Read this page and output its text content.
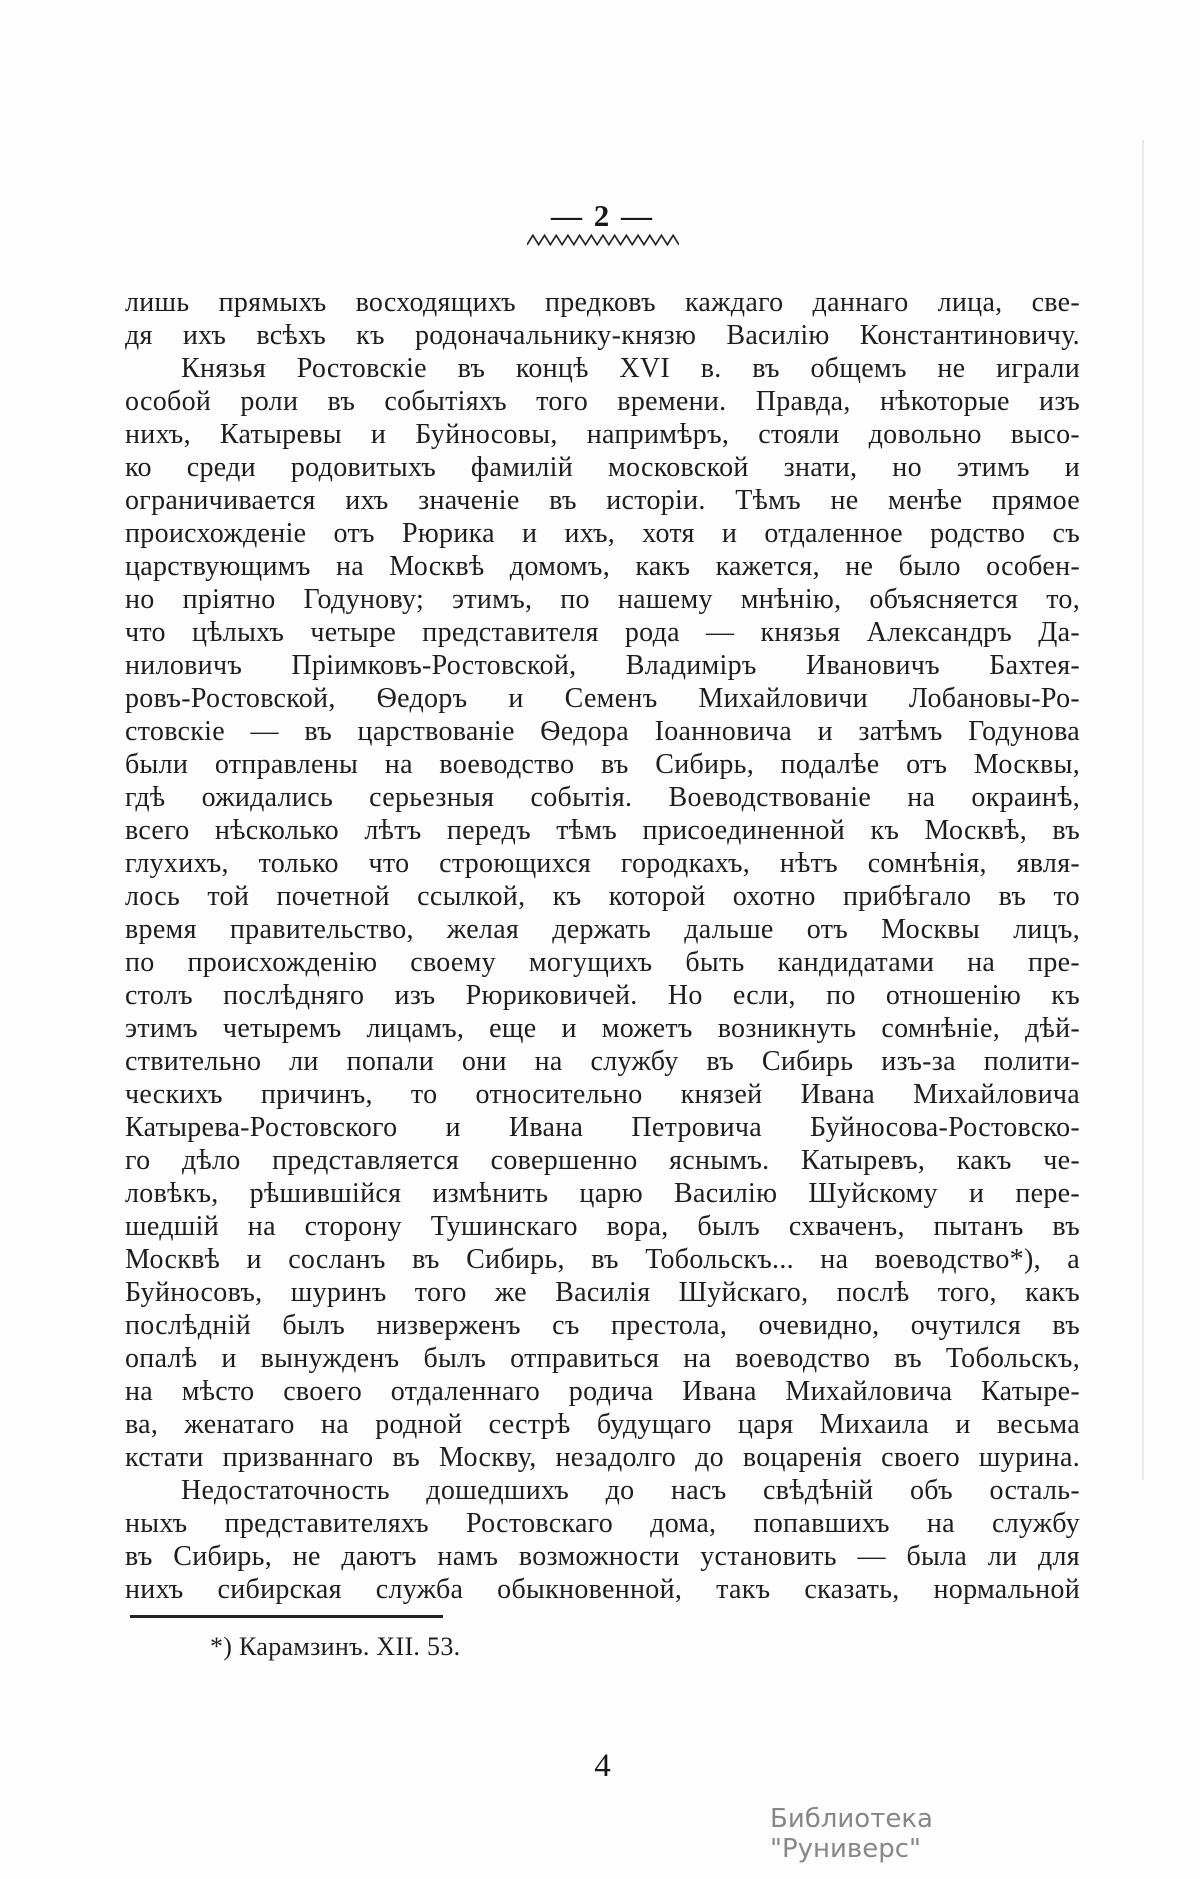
— 2 —
лишь прямыхъ восходящихъ предковъ каждаго даннаго лица, све-
дя ихъ всѣхъ къ родоначальнику-князю Василію Константиновичу.
Князья Ростовскіе въ концѣ XVI в. въ общемъ не играли
особой роли въ событіяхъ того времени. Правда, нѣкоторые изъ
нихъ, Катыревы и Буйносовы, напримѣръ, стояли довольно высо-
ко среди родовитыхъ фамилій московской знати, но этимъ и
ограничивается ихъ значеніе въ исторіи. Тѣмъ не менѣе прямое
происхожденіе отъ Рюрика и ихъ, хотя и отдаленное родство съ
царствующимъ на Москвѣ домомъ, какъ кажется, не было особен-
но пріятно Годунову; этимъ, по нашему мнѣнію, объясняется то,
что цѣлыхъ четыре представителя рода — князья Александръ Да-
ниловичъ Пріимковъ-Ростовской, Владиміръ Ивановичъ Бахтея-
ровъ-Ростовской, Ѳедоръ и Семенъ Михайловичи Лобановы-Ро-
стовскіе — въ царствованіе Ѳедора Іоанновича и затѣмъ Годунова
были отправлены на воеводство въ Сибирь, подалѣе отъ Москвы,
гдѣ ожидались серьезныя событія. Воеводствованіе на окраинѣ,
всего нѣсколько лѣтъ передъ тѣмъ присоединенной къ Москвѣ, въ
глухихъ, только что строющихся городкахъ, нѣтъ сомнѣнія, явля-
лось той почетной ссылкой, къ которой охотно прибѣгало въ то
время правительство, желая держать дальше отъ Москвы лицъ,
по происхожденію своему могущихъ быть кандидатами на пре-
столъ послѣдняго изъ Рюриковичей. Но если, по отношенію къ
этимъ четыремъ лицамъ, еще и можетъ возникнуть сомнѣніе, дѣй-
ствительно ли попали они на службу въ Сибирь изъ-за полити-
ческихъ причинъ, то относительно князей Ивана Михайловича
Катырева-Ростовского и Ивана Петровича Буйносова-Ростовско-
го дѣло представляется совершенно яснымъ. Катыревъ, какъ че-
ловѣкъ, рѣшившійся измѣнить царю Василію Шуйскому и пере-
шедшій на сторону Тушинскаго вора, былъ схваченъ, пытанъ въ
Москвѣ и сосланъ въ Сибирь, въ Тобольскъ... на воеводство*), а
Буйносовъ, шуринъ того же Василія Шуйскаго, послѣ того, какъ
послѣдній былъ низверженъ съ престола, очевидно, очутился въ
опалѣ и вынужденъ былъ отправиться на воеводство въ Тобольскъ,
на мѣсто своего отдаленнаго родича Ивана Михайловича Катыре-
ва, женатаго на родной сестрѣ будущаго царя Михаила и весьма
кстати призваннаго въ Москву, незадолго до воцаренія своего шурина.
Недостаточность дошедшихъ до насъ свѣдѣній объ осталь-
ныхъ представителяхъ Ростовскаго дома, попавшихъ на службу
въ Сибирь, не даютъ намъ возможности установить — была ли для
нихъ сибирская служба обыкновенной, такъ сказать, нормальной
*) Карамзинъ. XII. 53.
4
Библиотека "Руниверс"
